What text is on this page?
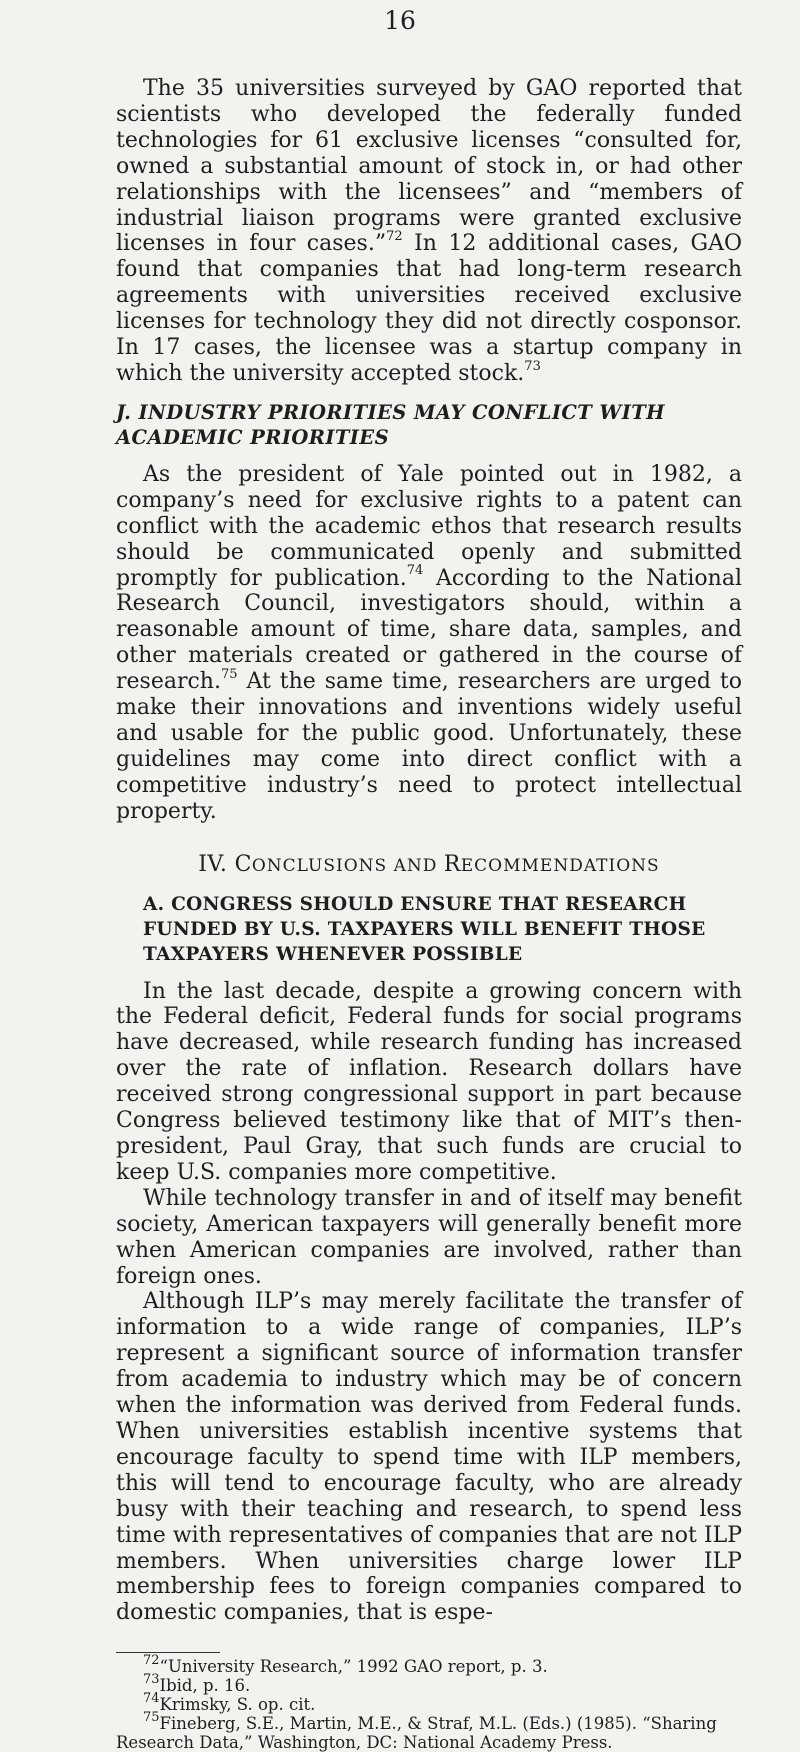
16

The 35 universities surveyed by GAO reported that scientists who developed the federally funded technologies for 61 exclusive licenses “consulted for, owned a substantial amount of stock in, or had other relationships with the licensees” and “members of industrial liaison programs were granted exclusive licenses in four cases.”$^{72}$ In 12 additional cases, GAO found that companies that had long-term research agreements with universities received exclusive licenses for technology they did not directly cosponsor. In 17 cases, the licensee was a startup company in which the university accepted stock.$^{73}$

J. INDUSTRY PRIORITIES MAY CONFLICT WITH ACADEMIC PRIORITIES

As the president of Yale pointed out in 1982, a company’s need for exclusive rights to a patent can conflict with the academic ethos that research results should be communicated openly and submitted promptly for publication.$^{74}$ According to the National Research Council, investigators should, within a reasonable amount of time, share data, samples, and other materials created or gathered in the course of research.$^{75}$ At the same time, researchers are urged to make their innovations and inventions widely useful and usable for the public good. Unfortunately, these guidelines may come into direct conflict with a competitive industry’s need to protect intellectual property.

IV. CONCLUSIONS AND RECOMMENDATIONS
A. CONGRESS SHOULD ENSURE THAT RESEARCH FUNDED BY U.S. TAXPAYERS WILL BENEFIT THOSE TAXPAYERS WHENEVER POSSIBLE

In the last decade, despite a growing concern with the Federal deficit, Federal funds for social programs have decreased, while research funding has increased over the rate of inflation. Research dollars have received strong congressional support in part because Congress believed testimony like that of MIT’s then-president, Paul Gray, that such funds are crucial to keep U.S. companies more competitive.

While technology transfer in and of itself may benefit society, American taxpayers will generally benefit more when American companies are involved, rather than foreign ones.

Although ILP’s may merely facilitate the transfer of information to a wide range of companies, ILP’s represent a significant source of information transfer from academia to industry which may be of concern when the information was derived from Federal funds. When universities establish incentive systems that encourage faculty to spend time with ILP members, this will tend to encourage faculty, who are already busy with their teaching and research, to spend less time with representatives of companies that are not ILP members. When universities charge lower ILP membership fees to foreign companies compared to domestic companies, that is espe-

$^{72}$“University Research,” 1992 GAO report, p. 3.

$^{73}$Ibid, p. 16.

$^{74}$Krimsky, S. op. cit.

$^{75}$Fineberg, S.E., Martin, M.E., & Straf, M.L. (Eds.) (1985). “Sharing Research Data,” Washington, DC: National Academy Press.
